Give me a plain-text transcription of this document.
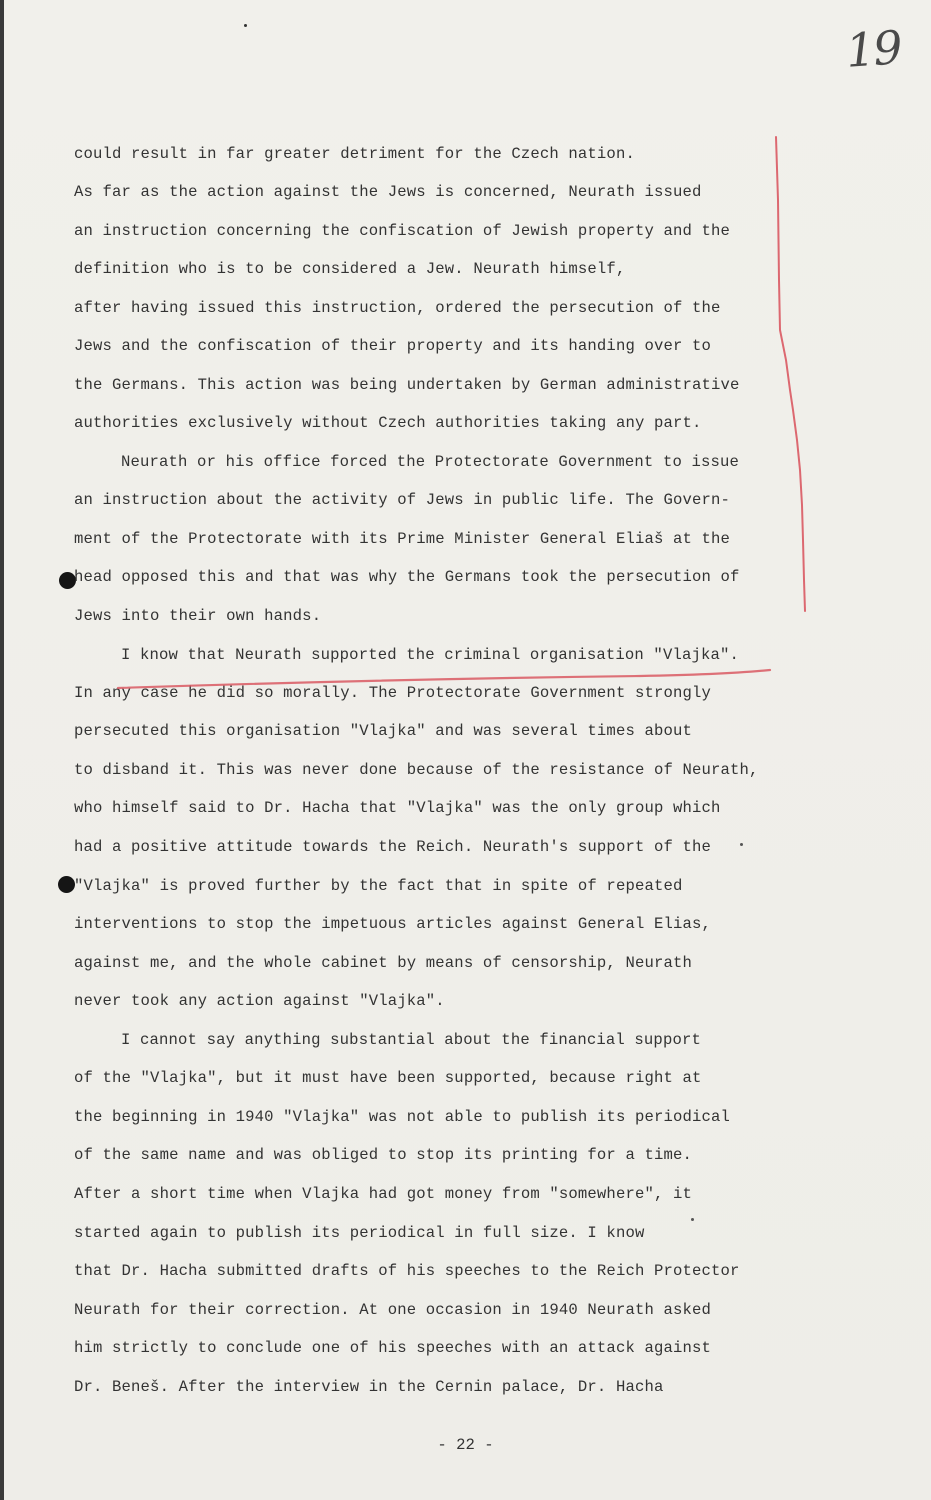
19
could result in far greater detriment for the Czech nation.
As far as the action against the Jews is concerned, Neurath issued
an instruction concerning the confiscation of Jewish property and the
definition who is to be considered a Jew. Neurath himself,
after having issued this instruction, ordered the persecution of the
Jews and the confiscation of their property and its handing over to
the Germans. This action was being undertaken by German administrative
authorities exclusively without Czech authorities taking any part.
Neurath or his office forced the Protectorate Government to issue
an instruction about the activity of Jews in public life. The Govern-
ment of the Protectorate with its Prime Minister General Eliaš at the
head opposed this and that was why the Germans took the persecution of
Jews into their own hands.
I know that Neurath supported the criminal organisation "Vlajka".
In any case he did so morally. The Protectorate Government strongly
persecuted this organisation "Vlajka" and was several times about
to disband it. This was never done because of the resistance of Neurath,
who himself said to Dr. Hacha that "Vlajka" was the only group which
had a positive attitude towards the Reich. Neurath's support of the
"Vlajka" is proved further by the fact that in spite of repeated
interventions to stop the impetuous articles against General Elias,
against me, and the whole cabinet by means of censorship, Neurath
never took any action against "Vlajka".
I cannot say anything substantial about the financial support
of the "Vlajka", but it must have been supported, because right at
the beginning in 1940 "Vlajka" was not able to publish its periodical
of the same name and was obliged to stop its printing for a time.
After a short time when Vlajka had got money from "somewhere", it
started again to publish its periodical in full size. I know
that Dr. Hacha submitted drafts of his speeches to the Reich Protector
Neurath for their correction. At one occasion in 1940 Neurath asked
him strictly to conclude one of his speeches with an attack against
Dr. Beneš. After the interview in the Cernin palace, Dr. Hacha
- 22 -
